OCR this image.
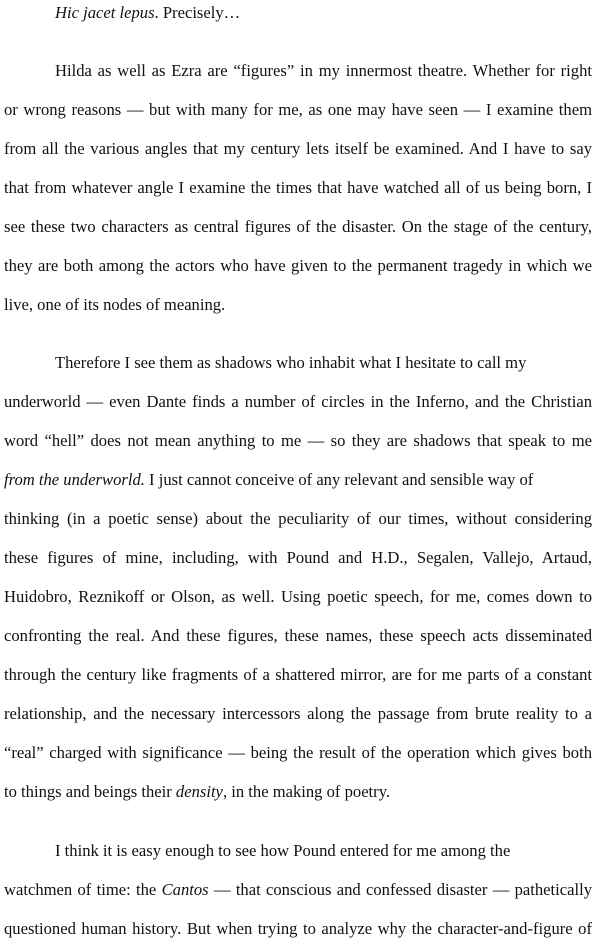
Hic jacet lepus. Precisely…
Hilda as well as Ezra are “figures” in my innermost theatre. Whether for right
or wrong reasons — but with many for me, as one may have seen — I examine them
from all the various angles that my century lets itself be examined. And I have to say
that from whatever angle I examine the times that have watched all of us being born, I
see these two characters as central figures of the disaster. On the stage of the century,
they are both among the actors who have given to the permanent tragedy in which we
live, one of its nodes of meaning.
Therefore I see them as shadows who inhabit what I hesitate to call my
underworld — even Dante finds a number of circles in the Inferno, and the Christian
word “hell” does not mean anything to me — so they are shadows that speak to me
from the underworld. I just cannot conceive of any relevant and sensible way of
thinking (in a poetic sense) about the peculiarity of our times, without considering
these figures of mine, including, with Pound and H.D., Segalen, Vallejo, Artaud,
Huidobro, Reznikoff or Olson, as well. Using poetic speech, for me, comes down to
confronting the real. And these figures, these names, these speech acts disseminated
through the century like fragments of a shattered mirror, are for me parts of a constant
relationship, and the necessary intercessors along the passage from brute reality to a
“real” charged with significance — being the result of the operation which gives both
to things and beings their density, in the making of poetry.
I think it is easy enough to see how Pound entered for me among the
watchmen of time: the Cantos — that conscious and confessed disaster — pathetically
questioned human history. But when trying to analyze why the character-and-figure of
